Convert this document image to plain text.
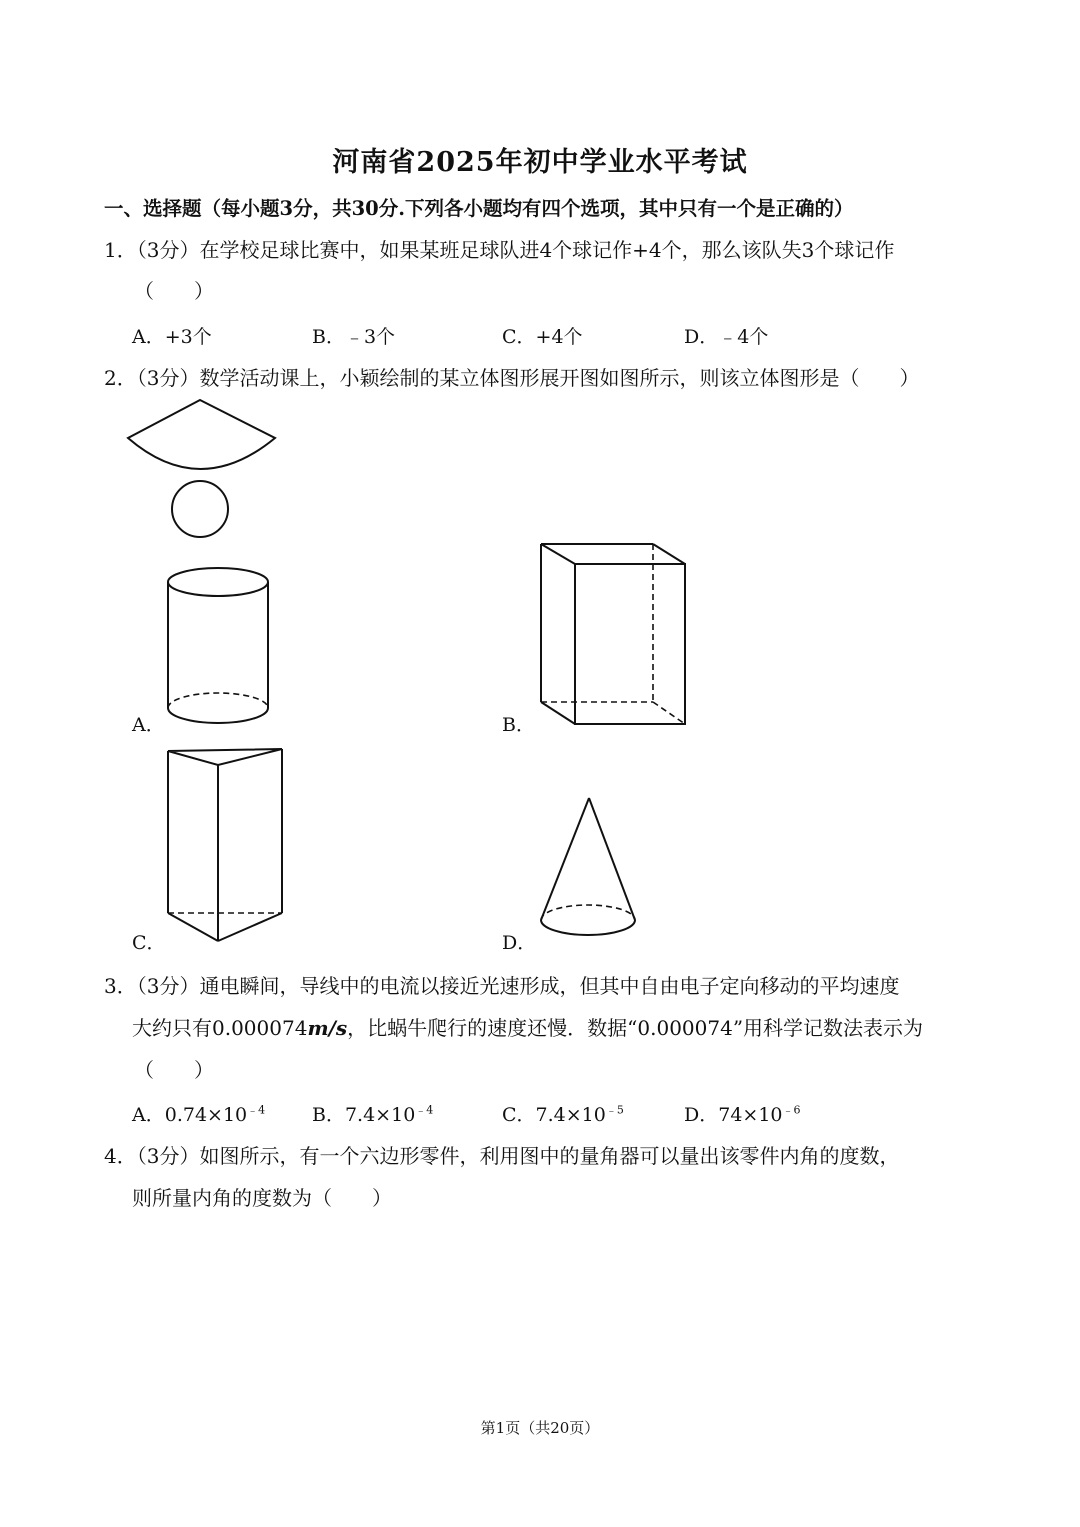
河南省2025年初中学业水平考试
一、选择题（每小题3分，共30分.下列各小题均有四个选项，其中只有一个是正确的）
1．（3分）在学校足球比赛中，如果某班足球队进4个球记作+4个，那么该队失3个球记作
（　　）
A．+3个	B．﹣3个	C．+4个	D．﹣4个
2．（3分）数学活动课上，小颖绘制的某立体图形展开图如图所示，则该立体图形是（　　）
A．	B．
C．	D．
3．（3分）通电瞬间，导线中的电流以接近光速形成，但其中自由电子定向移动的平均速度
大约只有0.000074m/s，比蜗牛爬行的速度还慢．数据“0.000074”用科学记数法表示为
（　　）
A．$0.74\times 10^{﹣4}$ B．$7.4\times 10^{﹣4}$	C．$7.4\times 10^{﹣5}$	D．$74\times 10^{﹣6}$
4．（3分）如图所示，有一个六边形零件，利用图中的量角器可以量出该零件内角的度数，
则所量内角的度数为（　　）
第1页（共20页）
